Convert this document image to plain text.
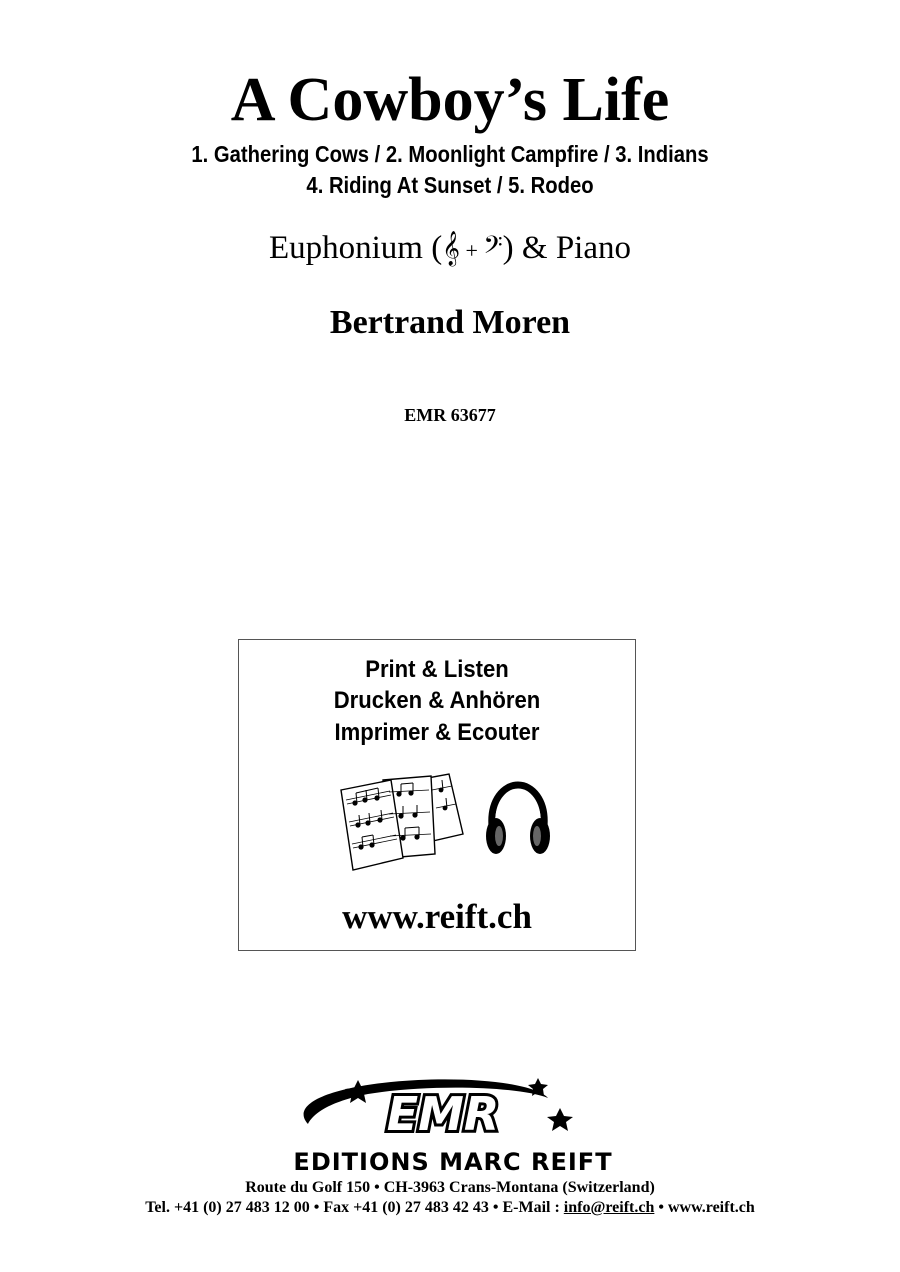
A Cowboy’s Life
1. Gathering Cows / 2. Moonlight Campfire / 3. Indians
4. Riding At Sunset / 5. Rodeo
Euphonium (𝄞 + 𝄢) & Piano
Bertrand Moren
EMR 63677
Print & Listen
Drucken & Anhören
Imprimer & Ecouter
www.reift.ch
EMR
EDITIONS MARC REIFT
Route du Golf 150 • CH-3963 Crans-Montana (Switzerland)
Tel. +41 (0) 27 483 12 00 • Fax +41 (0) 27 483 42 43 • E-Mail : info@reift.ch • www.reift.ch
